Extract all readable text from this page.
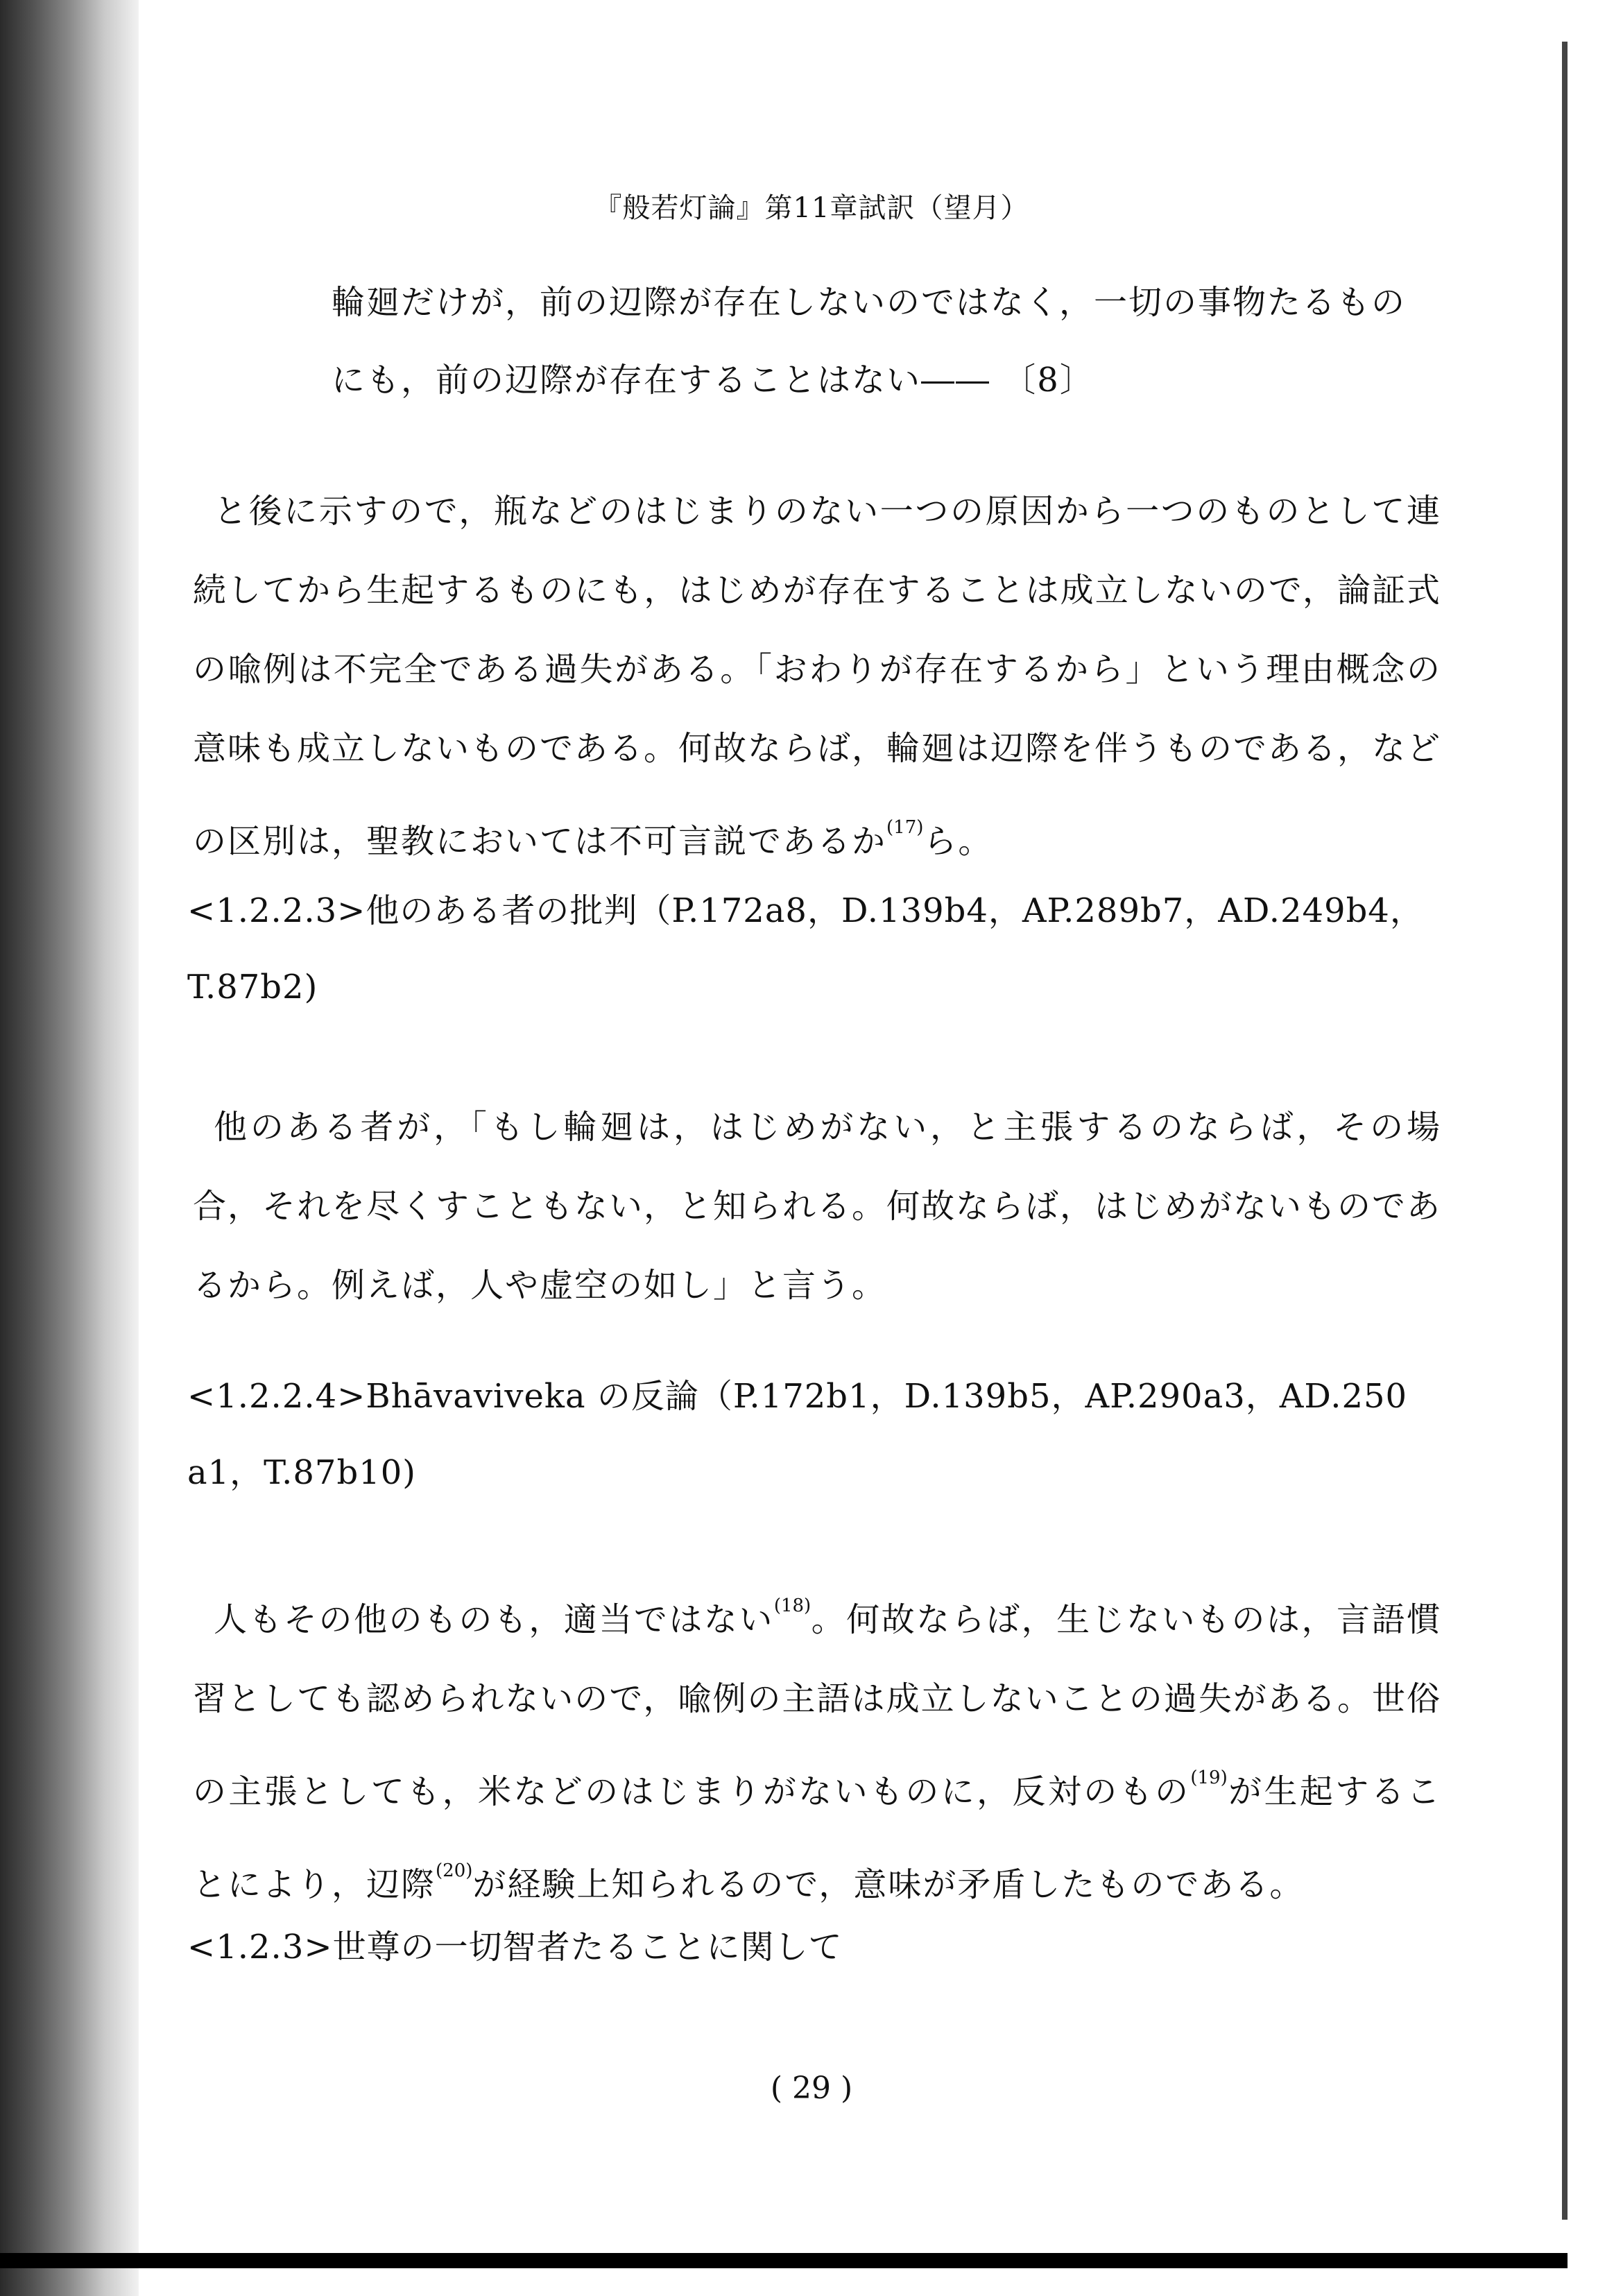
『般若灯論』第11章試訳（望月）
輪廻だけが，前の辺際が存在しないのではなく，一切の事物たるもの
にも，前の辺際が存在することはない―― 〔8〕
と後に示すので，瓶などのはじまりのない一つの原因から一つのものとして連続してから生起するものにも，はじめが存在することは成立しないので，論証式の喩例は不完全である過失がある。「おわりが存在するから」という理由概念の意味も成立しないものである。何故ならば，輪廻は辺際を伴うものである，などの区別は，聖教においては不可言説であるか$^{(17)}$ら。
<1.2.2.3>他のある者の批判（P.172a8，D.139b4，AP.289b7，AD.249b4，
T.87b2)
他のある者が，「もし輪廻は，はじめがない，と主張するのならば，その場合，それを尽くすこともない，と知られる。何故ならば，はじめがないものであるから。例えば，人や虚空の如し」と言う。
<1.2.2.4>Bhāvaviveka の反論（P.172b1，D.139b5，AP.290a3，AD.250
a1，T.87b10)
人もその他のものも，適当ではない$^{(18)}$。何故ならば，生じないものは，言語慣習としても認められないので，喩例の主語は成立しないことの過失がある。世俗の主張としても，米などのはじまりがないものに，反対のもの$^{(19)}$が生起することにより，辺際$^{(20)}$が経験上知られるので，意味が矛盾したものである。
<1.2.3>世尊の一切智者たることに関して
( 29 )
